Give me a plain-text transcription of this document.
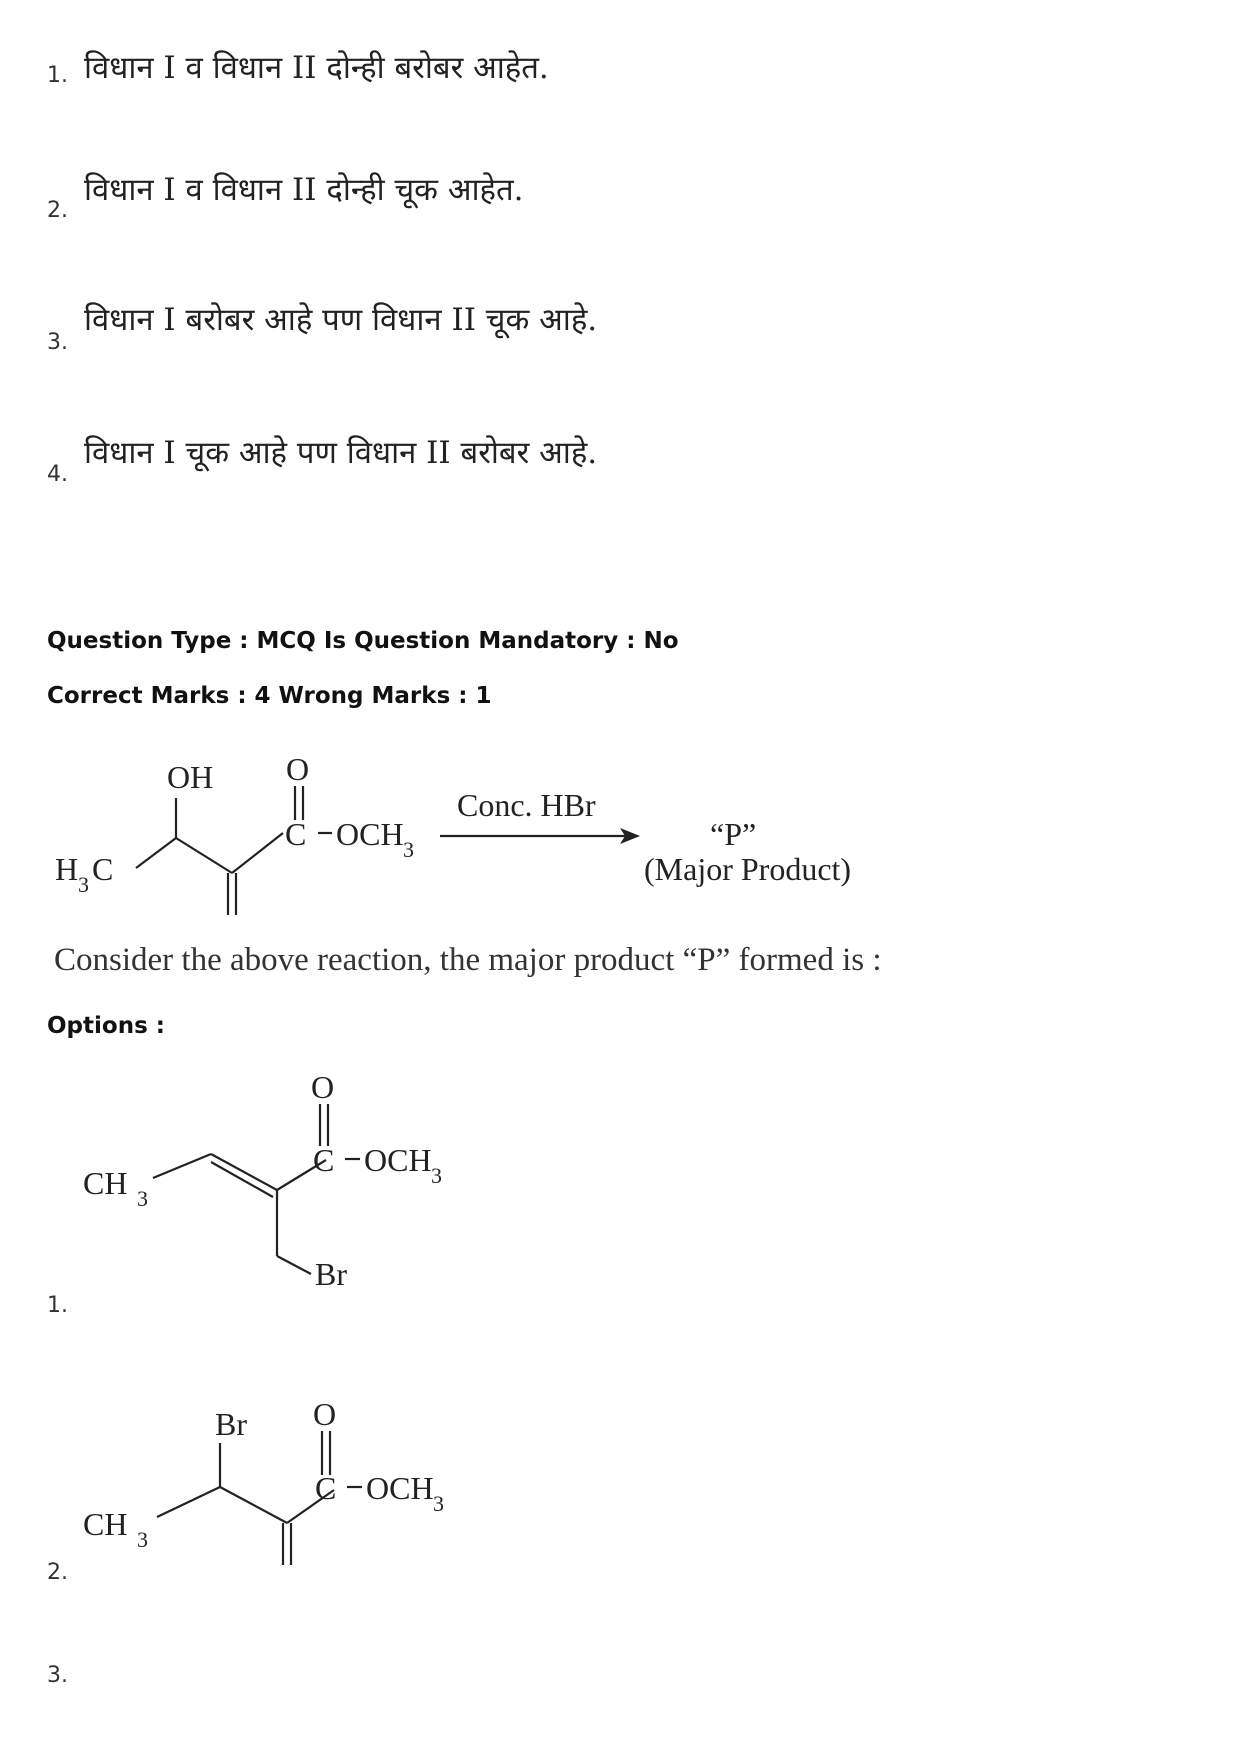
1. विधान I व विधान II दोन्ही बरोबर आहेत.
2.
विधान I व विधान II दोन्ही चूक आहेत.
3.
विधान I बरोबर आहे पण विधान II चूक आहे.
4.
विधान I चूक आहे पण विधान II बरोबर आहे.
Question Type : MCQ Is Question Mandatory : No
Correct Marks : 4 Wrong Marks : 1
OH O
C OCH 3
H 3 C
Conc. HBr
“P”
(Major Product)
Consider the above reaction, the major product “P” formed is :
Options :
O
C OCH 3
CH 3
Br
1.
Br O
C OCH 3
CH 3
2.
3.
